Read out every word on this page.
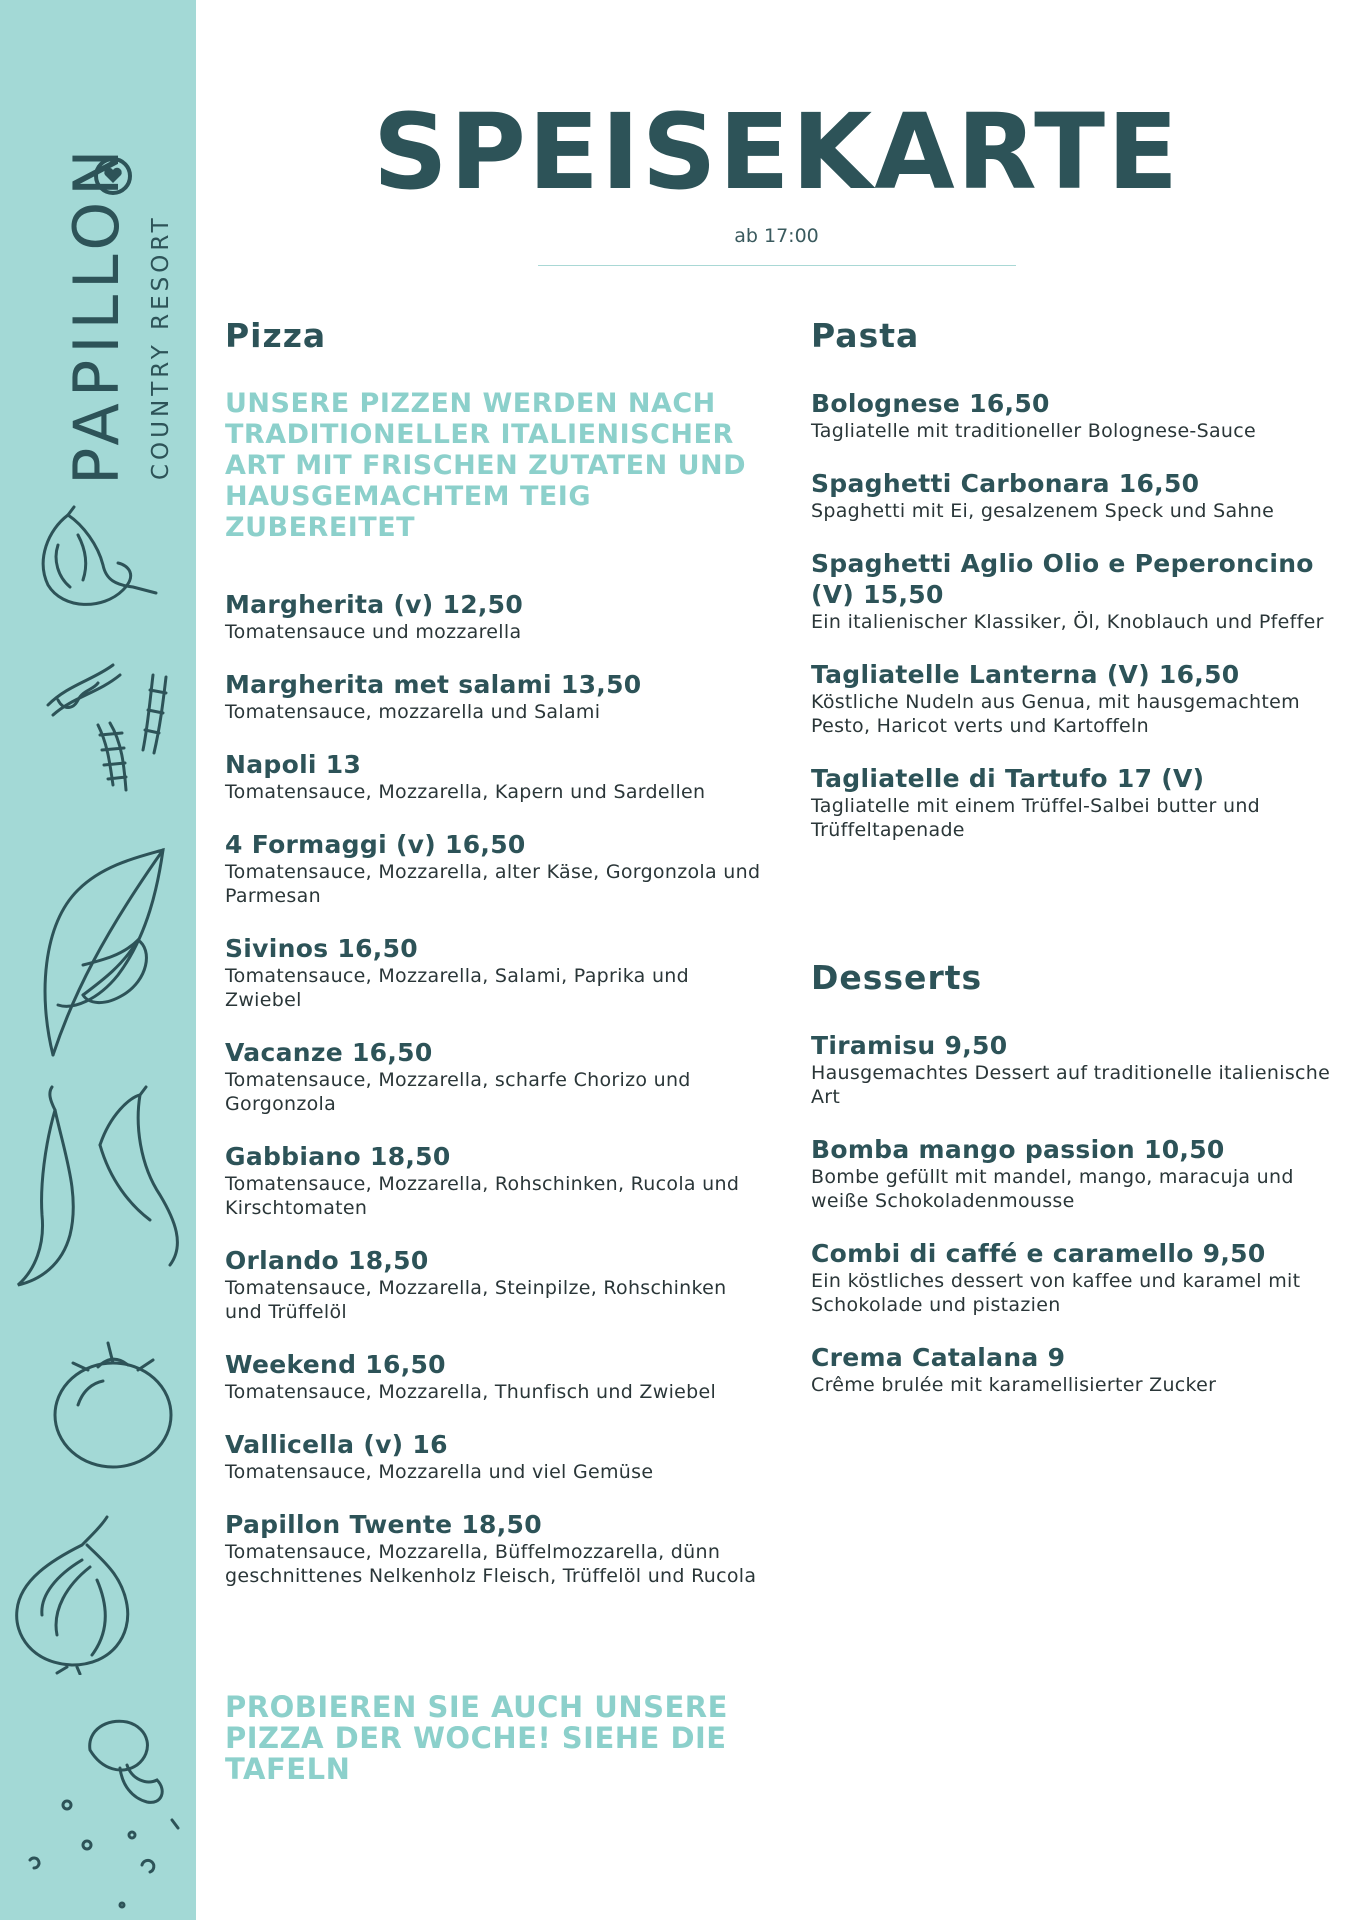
PAPILLON COUNTRY RESORT
SPEISEKARTE
ab 17:00
Pizza
UNSERE PIZZEN WERDEN NACH TRADITIONELLER ITALIENISCHER ART MIT FRISCHEN ZUTATEN UND HAUSGEMACHTEM TEIG ZUBEREITET
Margherita (v) 12,50
Tomatensauce und mozzarella
Margherita met salami 13,50
Tomatensauce, mozzarella und Salami
Napoli 13
Tomatensauce, Mozzarella, Kapern und Sardellen
4 Formaggi (v) 16,50
Tomatensauce, Mozzarella, alter Käse, Gorgonzola und Parmesan
Sivinos 16,50
Tomatensauce, Mozzarella, Salami, Paprika und Zwiebel
Vacanze 16,50
Tomatensauce, Mozzarella, scharfe Chorizo und Gorgonzola
Gabbiano 18,50
Tomatensauce, Mozzarella, Rohschinken, Rucola und Kirschtomaten
Orlando 18,50
Tomatensauce, Mozzarella, Steinpilze, Rohschinken und Trüffelöl
Weekend 16,50
Tomatensauce, Mozzarella, Thunfisch und Zwiebel
Vallicella (v) 16
Tomatensauce, Mozzarella und viel Gemüse
Papillon Twente 18,50
Tomatensauce, Mozzarella, Büffelmozzarella, dünn geschnittenes Nelkenholz Fleisch, Trüffelöl und Rucola
PROBIEREN SIE AUCH UNSERE PIZZA DER WOCHE! SIEHE DIE TAFELN
Pasta
Bolognese 16,50
Tagliatelle mit traditioneller Bolognese-Sauce
Spaghetti Carbonara 16,50
Spaghetti mit Ei, gesalzenem Speck und Sahne
Spaghetti Aglio Olio e Peperoncino (V) 15,50
Ein italienischer Klassiker, Öl, Knoblauch und Pfeffer
Tagliatelle Lanterna (V) 16,50
Köstliche Nudeln aus Genua, mit hausgemachtem Pesto, Haricot verts und Kartoffeln
Tagliatelle di Tartufo 17 (V)
Tagliatelle mit einem Trüffel-Salbei butter und Trüffeltapenade
Desserts
Tiramisu 9,50
Hausgemachtes Dessert auf traditionelle italienische Art
Bomba mango passion 10,50
Bombe gefüllt mit mandel, mango, maracuja und weiße Schokoladenmousse
Combi di caffé e caramello 9,50
Ein köstliches dessert von kaffee und karamel mit Schokolade und pistazien
Crema Catalana 9
Crême brulée mit karamellisierter Zucker
